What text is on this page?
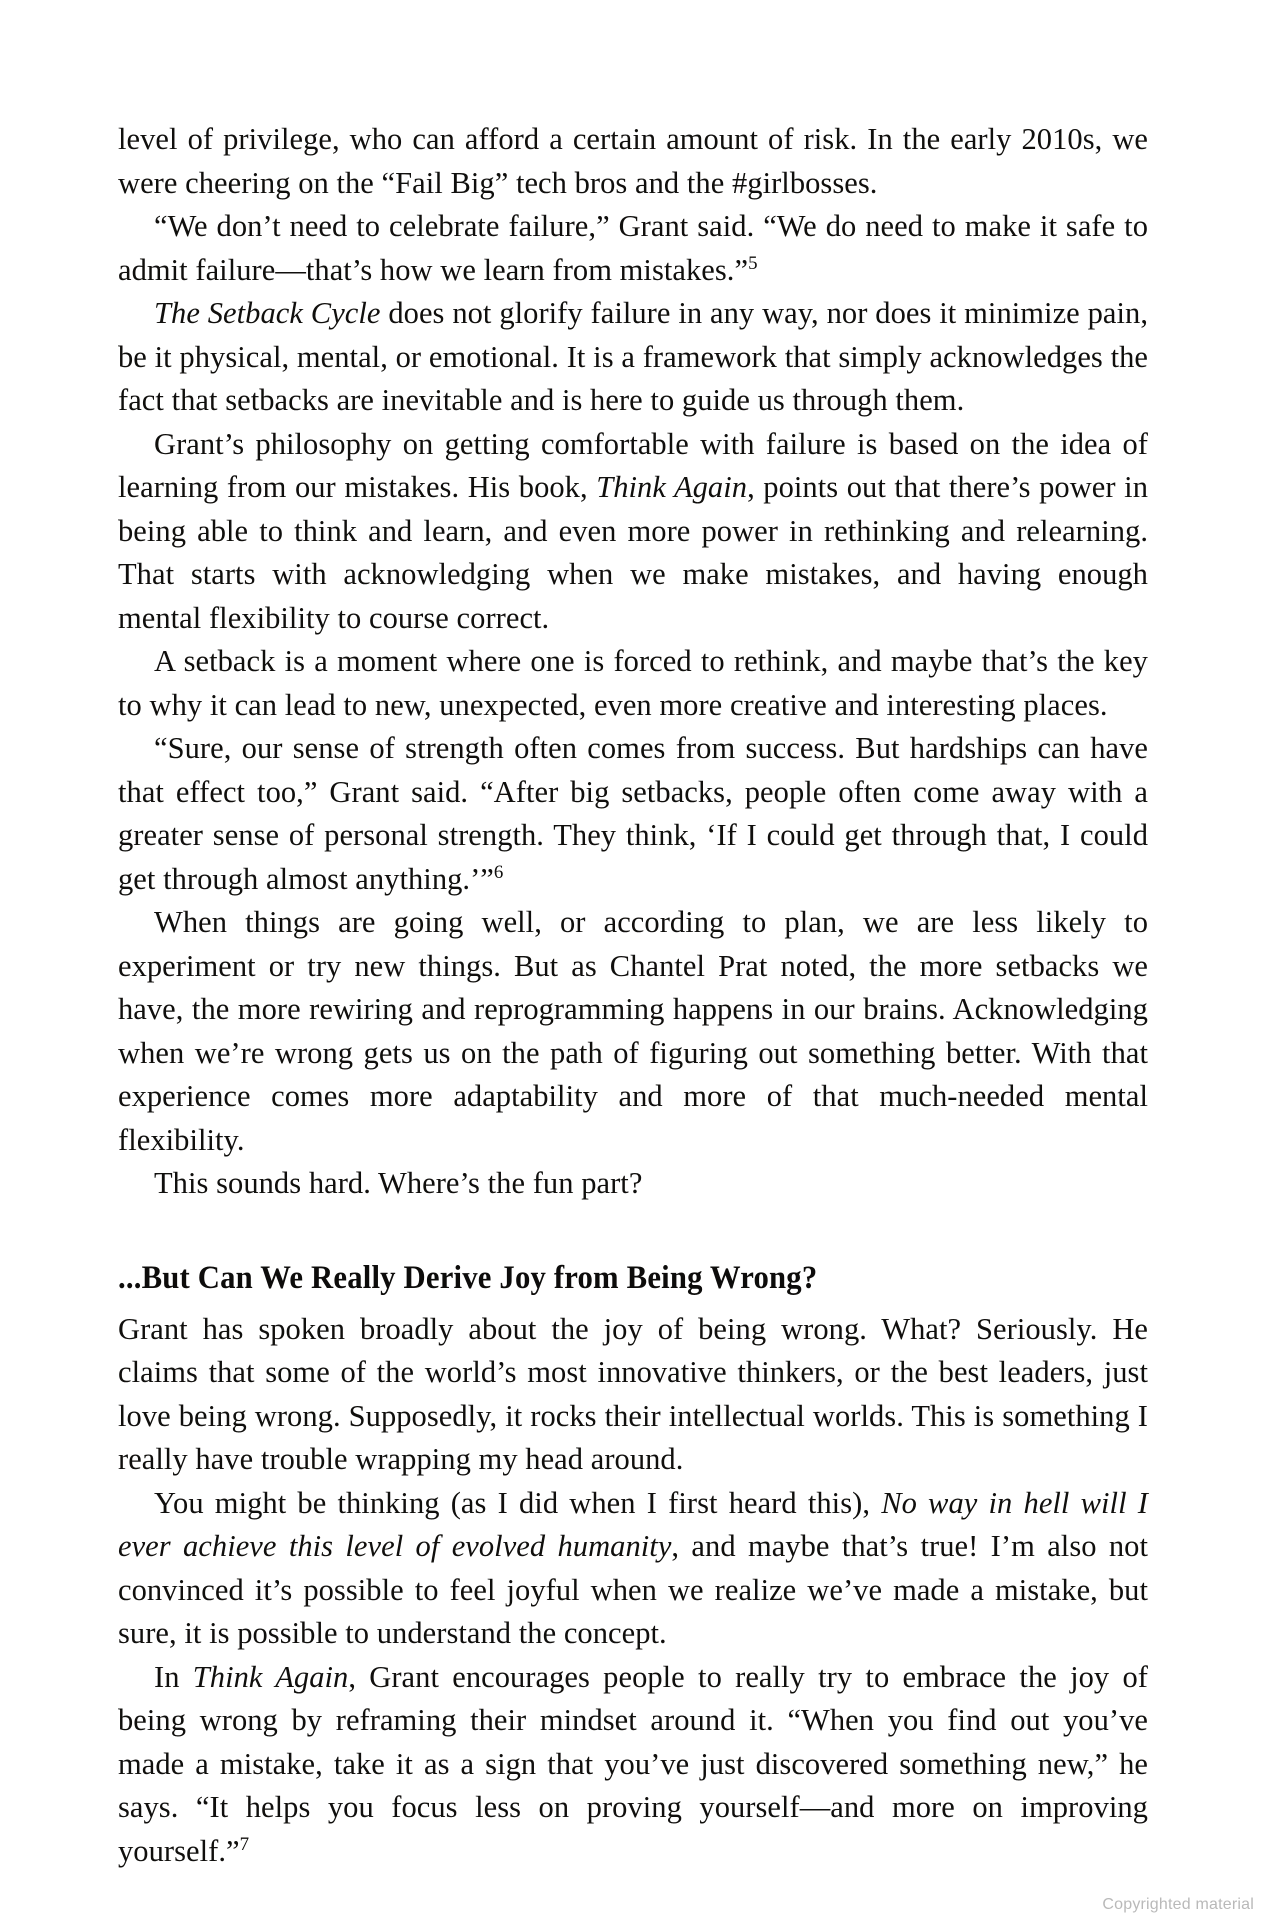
level of privilege, who can afford a certain amount of risk. In the early 2010s, we were cheering on the “Fail Big” tech bros and the #girlbosses.

“We don’t need to celebrate failure,” Grant said. “We do need to make it safe to admit failure—that’s how we learn from mistakes.”$^5$

The Setback Cycle does not glorify failure in any way, nor does it minimize pain, be it physical, mental, or emotional. It is a framework that simply acknowledges the fact that setbacks are inevitable and is here to guide us through them.

Grant’s philosophy on getting comfortable with failure is based on the idea of learning from our mistakes. His book, Think Again, points out that there’s power in being able to think and learn, and even more power in rethinking and relearning. That starts with acknowledging when we make mistakes, and having enough mental flexibility to course correct.

A setback is a moment where one is forced to rethink, and maybe that’s the key to why it can lead to new, unexpected, even more creative and interesting places.

“Sure, our sense of strength often comes from success. But hardships can have that effect too,” Grant said. “After big setbacks, people often come away with a greater sense of personal strength. They think, ‘If I could get through that, I could get through almost anything.’”$^6$

When things are going well, or according to plan, we are less likely to experiment or try new things. But as Chantel Prat noted, the more setbacks we have, the more rewiring and reprogramming happens in our brains. Acknowledging when we’re wrong gets us on the path of figuring out something better. With that experience comes more adaptability and more of that much-needed mental flexibility.

This sounds hard. Where’s the fun part?

...But Can We Really Derive Joy from Being Wrong?

Grant has spoken broadly about the joy of being wrong. What? Seriously. He claims that some of the world’s most innovative thinkers, or the best leaders, just love being wrong. Supposedly, it rocks their intellectual worlds. This is something I really have trouble wrapping my head around.

You might be thinking (as I did when I first heard this), No way in hell will I ever achieve this level of evolved humanity, and maybe that’s true! I’m also not convinced it’s possible to feel joyful when we realize we’ve made a mistake, but sure, it is possible to understand the concept.

In Think Again, Grant encourages people to really try to embrace the joy of being wrong by reframing their mindset around it. “When you find out you’ve made a mistake, take it as a sign that you’ve just discovered something new,” he says. “It helps you focus less on proving yourself—and more on improving yourself.”$^7$

Copyrighted material
